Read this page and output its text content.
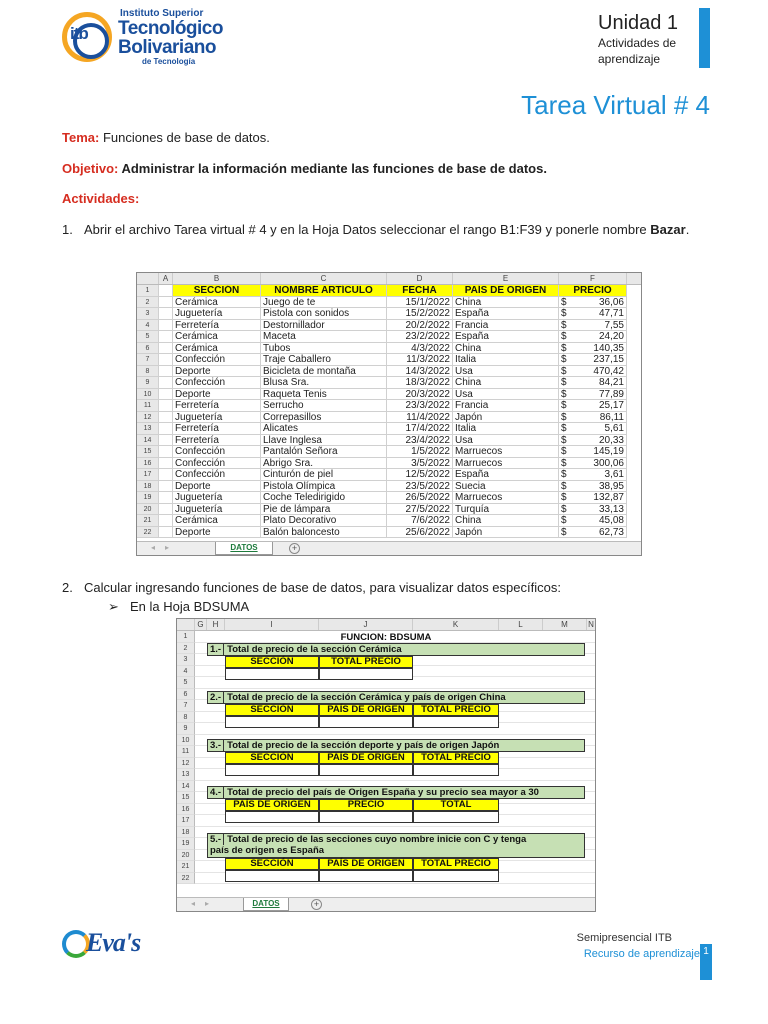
itb
Instituto Superior
Tecnológico
Bolivariano
de Tecnología
Unidad 1
Actividades de
aprendizaje
Tarea Virtual # 4
Tema: Funciones de base de datos.
Objetivo: Administrar la información mediante las funciones de base de datos.
Actividades:
1. Abrir el archivo Tarea virtual # 4 y en la Hoja Datos seleccionar el rango B1:F39 y ponerle nombre Bazar.
A	B	C	D	E	F
1	SECCIÓN	NOMBRE ARTÍCULO	FECHA	PAÍS DE ORIGEN	PRECIO
2	Cerámica	Juego de te	15/1/2022 China	$	36,06
3	Juguetería	Pistola con sonidos	15/2/2022 España	$	47,71
4	Ferretería	Destornillador	20/2/2022 Francia	$	7,55
5	Cerámica	Maceta	23/2/2022 España	$	24,20
6	Cerámica	Tubos	4/3/2022 China	$	140,35
7	Confección	Traje Caballero	11/3/2022 Italia	$	237,15
8	Deporte	Bicicleta de montaña	14/3/2022 Usa	$	470,42
9	Confección	Blusa Sra.	18/3/2022 China	$	84,21
10	Deporte	Raqueta Tenis	20/3/2022 Usa	$	77,89
11	Ferretería	Serrucho	23/3/2022 Francia	$	25,17
12	Juguetería	Correpasillos	11/4/2022 Japón	$	86,11
13	Ferretería	Alicates	17/4/2022 Italia	$	5,61
14	Ferretería	Llave Inglesa	23/4/2022 Usa	$	20,33
15	Confección	Pantalón Señora	1/5/2022 Marruecos	$	145,19
16	Confección	Abrigo Sra.	3/5/2022 Marruecos	$	300,06
17	Confección	Cinturón de piel	12/5/2022 España	$	3,61
18	Deporte	Pistola Olímpica	23/5/2022 Suecia	$	38,95
19	Juguetería	Coche Teledirigido	26/5/2022 Marruecos	$	132,87
20	Juguetería	Pie de lámpara	27/5/2022 Turquía	$	33,13
21	Cerámica	Plato Decorativo	7/6/2022 China	$	45,08
22	Deporte	Balón baloncesto	25/6/2022 Japón	$	62,73
◂▸	DATOS	+
2. Calcular ingresando funciones de base de datos, para visualizar datos específicos:
➢ En la Hoja BDSUMA
G	H	I	J	K	L	M	N
1
2
3
4
5
6
7
8
9
10
11
12
13
14
15
16
17
18
19
20
21
22
FUNCION: BDSUMA
1.- Total de precio de la sección Cerámica
SECCIÓN	TOTAL PRECIO
2.- Total de precio de la sección Cerámica y país de origen China
SECCIÓN	PAÍS DE ORIGEN	TOTAL PRECIO
3.- Total de precio de la sección deporte y país de origen Japón
SECCIÓN	PAÍS DE ORIGEN	TOTAL PRECIO
4.- Total de precio del país de Origen España y su precio sea mayor a 30
PAÍS DE ORIGEN	PRECIO	TOTAL
5.- Total de precio de las secciones cuyo nombre inicie con C y tenga
país de origen es España
SECCIÓN	PAÍS DE ORIGEN	TOTAL PRECIO
◂▸	DATOS	+
Eva's	Semipresencial ITB
Recurso de aprendizaje 1
